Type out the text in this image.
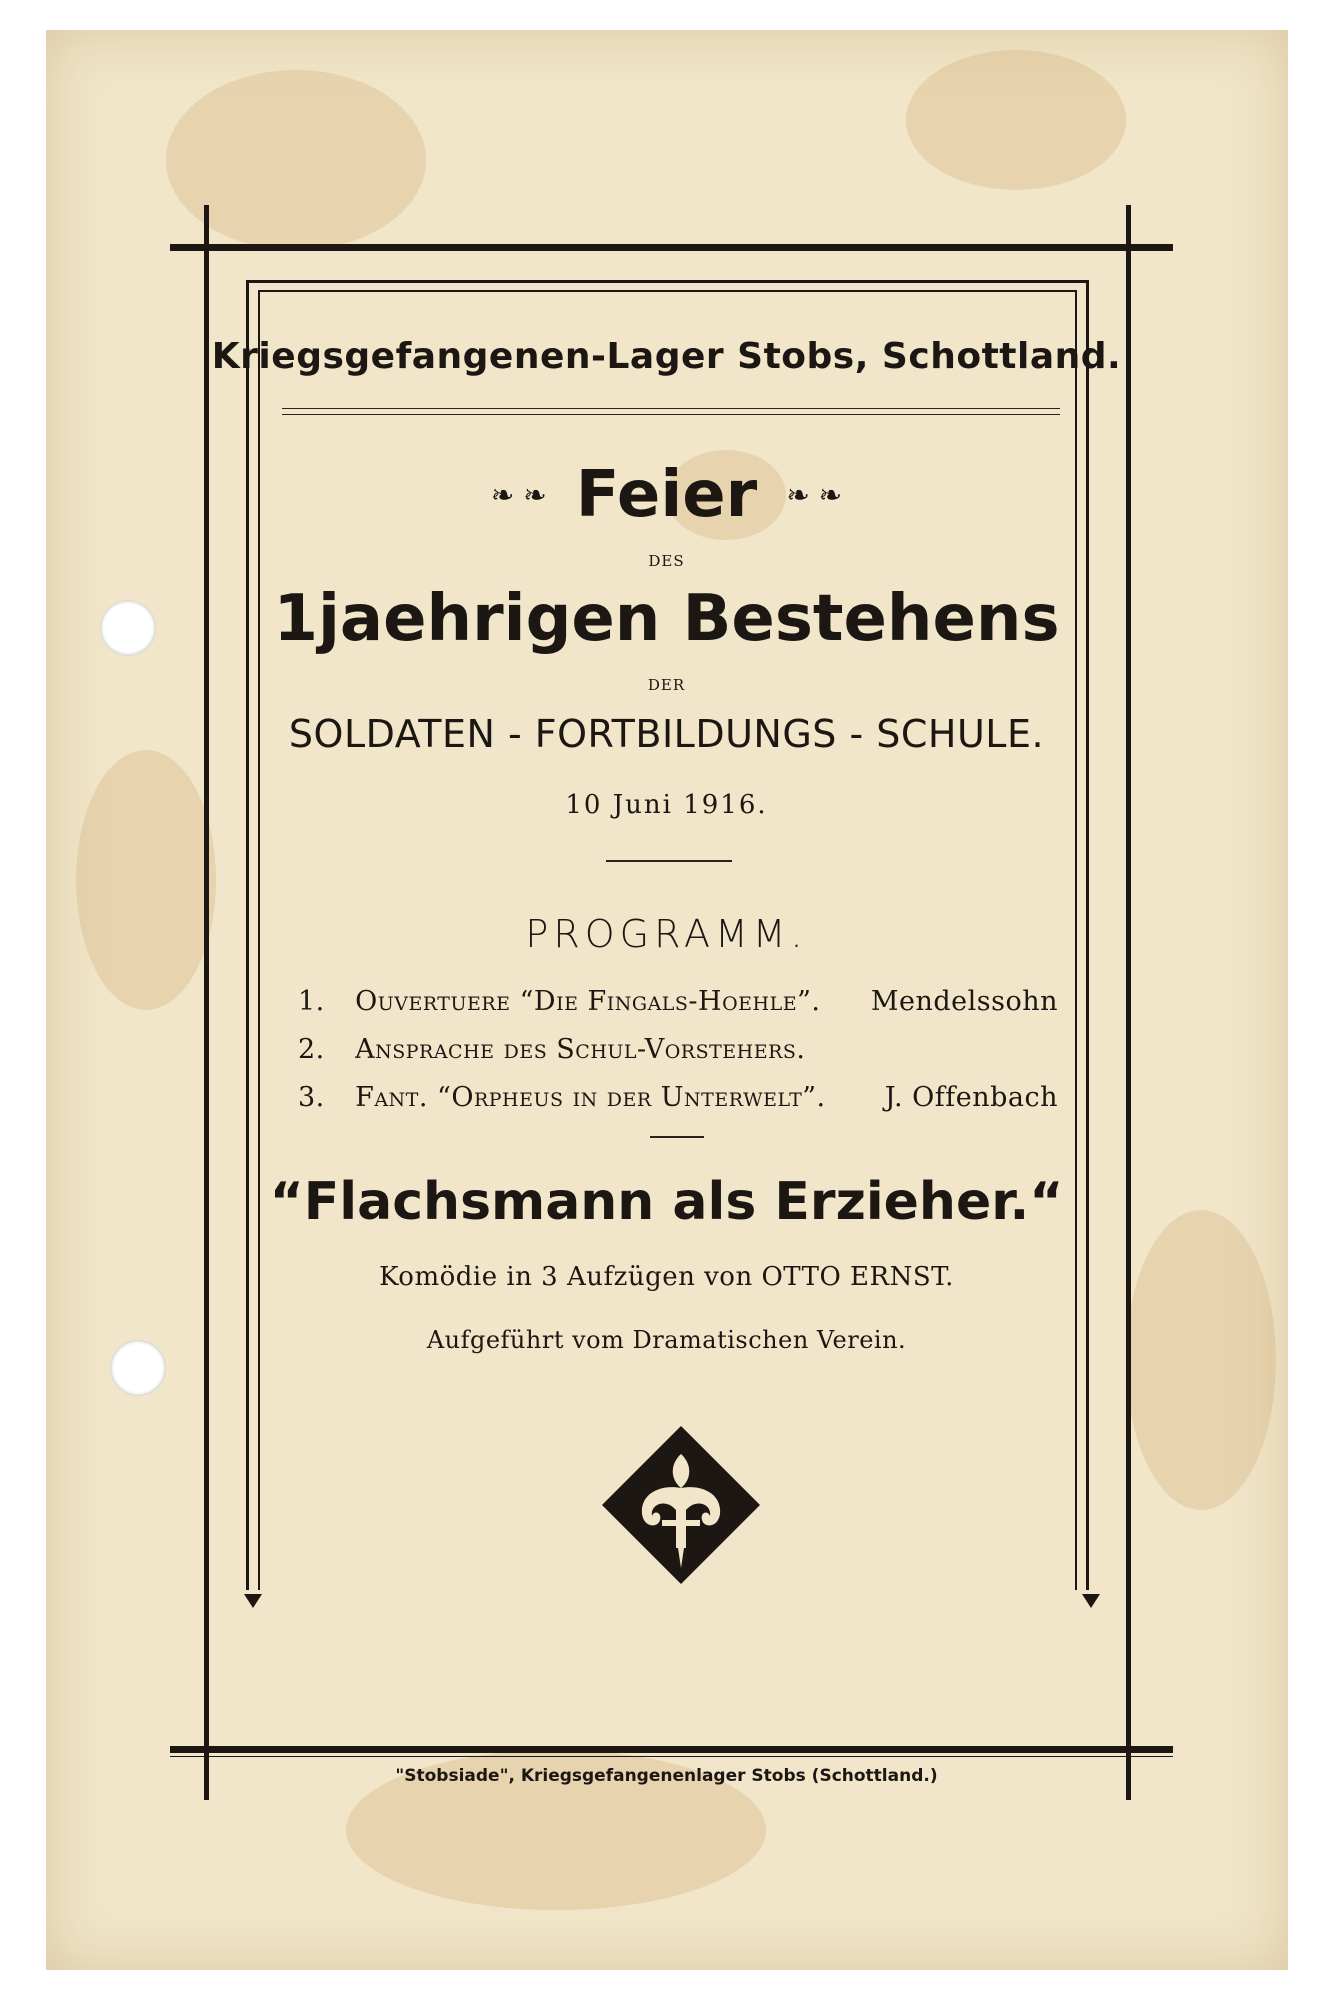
Kriegsgefangenen-Lager Stobs, Schottland.
❧ ❧ Feier ❧ ❧
DES
1jaehrigen Bestehens
DER
SOLDATEN - FORTBILDUNGS - SCHULE.
10 Juni 1916.
PROGRAMM.
1. Ouvertuere “Die Fingals-Hoehle”. Mendelssohn
2. Ansprache des Schul-Vorstehers.
3. Fant. “Orpheus in der Unterwelt”. J. Offenbach
“Flachsmann als Erzieher.“
Komödie in 3 Aufzügen von OTTO ERNST.
Aufgeführt vom Dramatischen Verein.
"Stobsiade", Kriegsgefangenenlager Stobs (Schottland.)
